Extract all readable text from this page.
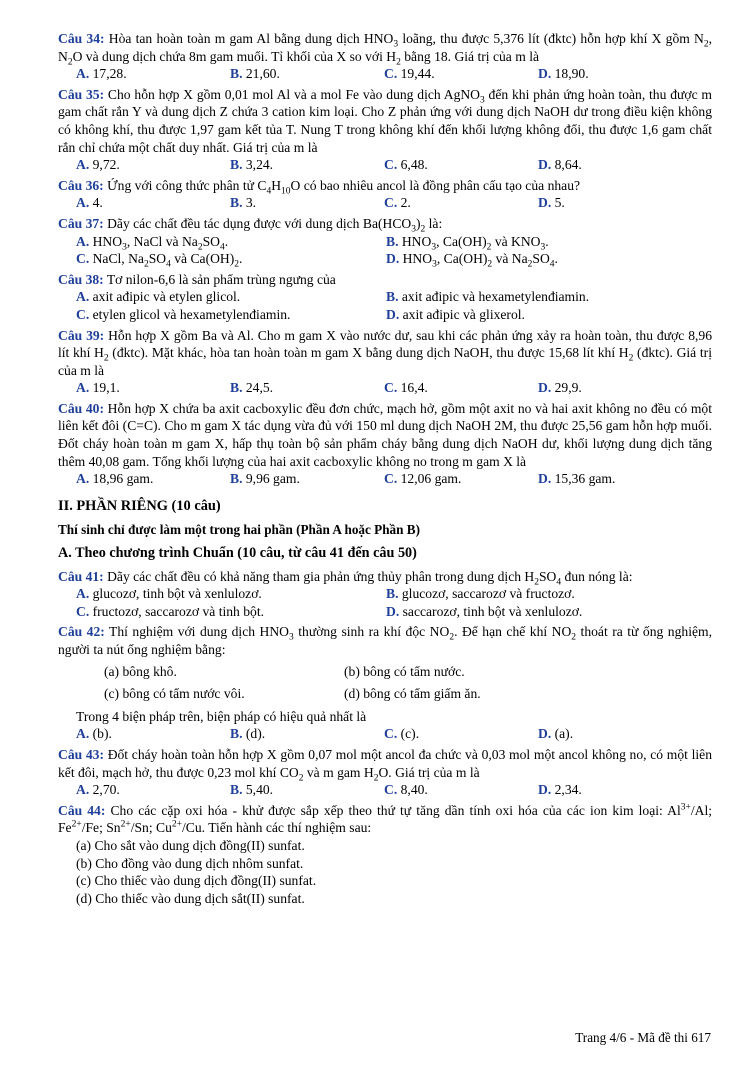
Câu 34: Hòa tan hoàn toàn m gam Al bằng dung dịch $HNO_3$ loãng, thu được 5,376 lít (đktc) hỗn hợp khí X gồm $N_2$, $N_2O$ và dung dịch chứa 8m gam muối. Tỉ khối của X so với $H_2$ bằng 18. Giá trị của m là
A. 17,28.	B. 21,60.	C. 19,44.	D. 18,90.
Câu 35: Cho hỗn hợp X gồm 0,01 mol Al và a mol Fe vào dung dịch AgNO$_3$ đến khi phản ứng hoàn toàn, thu được m gam chất rắn Y và dung dịch Z chứa 3 cation kim loại. Cho Z phản ứng với dung dịch NaOH dư trong điều kiện không có không khí, thu được 1,97 gam kết tủa T. Nung T trong không khí đến khối lượng không đổi, thu được 1,6 gam chất rắn chỉ chứa một chất duy nhất. Giá trị của m là
A. 9,72.	B. 3,24.	C. 6,48.	D. 8,64.
Câu 36: Ứng với công thức phân tử $C_4H_{10}O$ có bao nhiêu ancol là đồng phân cấu tạo của nhau?
A. 4.	B. 3.	C. 2.	D. 5.
Câu 37: Dãy các chất đều tác dụng được với dung dịch $Ba(HCO_3)_2$ là:
A. $HNO_3$, NaCl và $Na_2SO_4$.	B. $HNO_3$, $Ca(OH)_2$ và $KNO_3$.
C. NaCl, $Na_2SO_4$ và $Ca(OH)_2$.	D. $HNO_3$, $Ca(OH)_2$ và $Na_2SO_4$.
Câu 38: Tơ nilon-6,6 là sản phẩm trùng ngưng của
A. axit ađipic và etylen glicol.	B. axit ađipic và hexametylenđiamin.
C. etylen glicol và hexametylenđiamin.	D. axit ađipic và glixerol.
Câu 39: Hỗn hợp X gồm Ba và Al. Cho m gam X vào nước dư, sau khi các phản ứng xảy ra hoàn toàn, thu được 8,96 lít khí $H_2$ (đktc). Mặt khác, hòa tan hoàn toàn m gam X bằng dung dịch NaOH, thu được 15,68 lít khí $H_2$ (đktc). Giá trị của m là
A. 19,1.	B. 24,5.	C. 16,4.	D. 29,9.
Câu 40: Hỗn hợp X chứa ba axit cacboxylic đều đơn chức, mạch hở, gồm một axit no và hai axit không no đều có một liên kết đôi (C=C). Cho m gam X tác dụng vừa đủ với 150 ml dung dịch NaOH 2M, thu được 25,56 gam hỗn hợp muối. Đốt cháy hoàn toàn m gam X, hấp thụ toàn bộ sản phẩm cháy bằng dung dịch NaOH dư, khối lượng dung dịch tăng thêm 40,08 gam. Tổng khối lượng của hai axit cacboxylic không no trong m gam X là
A. 18,96 gam.	B. 9,96 gam.	C. 12,06 gam.	D. 15,36 gam.
II. PHẦN RIÊNG (10 câu)
Thí sinh chỉ được làm một trong hai phần (Phần A hoặc Phần B)
A. Theo chương trình Chuẩn (10 câu, từ câu 41 đến câu 50)
Câu 41: Dãy các chất đều có khả năng tham gia phản ứng thủy phân trong dung dịch $H_2SO_4$ đun nóng là:
A. glucozơ, tinh bột và xenlulozơ.	B. glucozơ, saccarozơ và fructozơ.
C. fructozơ, saccarozơ và tinh bột.	D. saccarozơ, tinh bột và xenlulozơ.
Câu 42: Thí nghiệm với dung dịch $HNO_3$ thường sinh ra khí độc $NO_2$. Để hạn chế khí $NO_2$ thoát ra từ ống nghiệm, người ta nút ống nghiệm bằng:
(a) bông khô.	(b) bông có tẩm nước.
(c) bông có tẩm nước vôi.	(d) bông có tẩm giấm ăn.
Trong 4 biện pháp trên, biện pháp có hiệu quả nhất là
A. (b).	B. (d).	C. (c).	D. (a).
Câu 43: Đốt cháy hoàn toàn hỗn hợp X gồm 0,07 mol một ancol đa chức và 0,03 mol một ancol không no, có một liên kết đôi, mạch hở, thu được 0,23 mol khí $CO_2$ và m gam $H_2O$. Giá trị của m là
A. 2,70.	B. 5,40.	C. 8,40.	D. 2,34.
Câu 44: Cho các cặp oxi hóa - khử được sắp xếp theo thứ tự tăng dần tính oxi hóa của các ion kim loại: $Al^{3+}/Al$; $Fe^{2+}/Fe$; $Sn^{2+}/Sn$; $Cu^{2+}/Cu$. Tiến hành các thí nghiệm sau:
(a) Cho sắt vào dung dịch đồng(II) sunfat.
(b) Cho đồng vào dung dịch nhôm sunfat.
(c) Cho thiếc vào dung dịch đồng(II) sunfat.
(d) Cho thiếc vào dung dịch sắt(II) sunfat.
Trang 4/6 - Mã đề thi 617
